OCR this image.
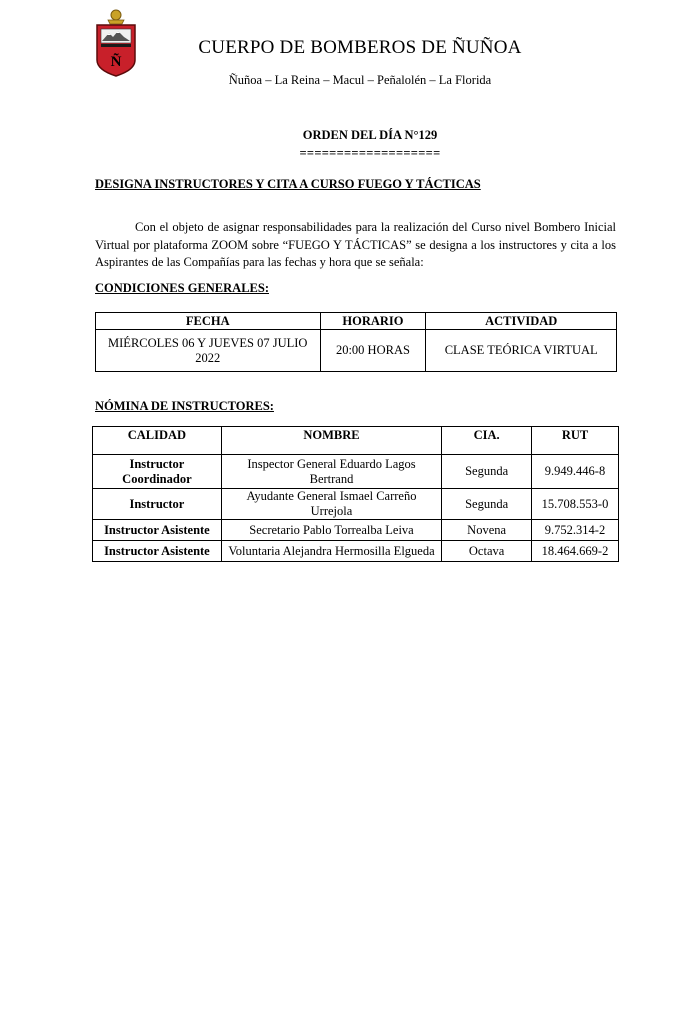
Ñ
CUERPO DE BOMBEROS DE ÑUÑOA
Ñuñoa – La Reina – Macul – Peñalolén – La Florida
ORDEN DEL DÍA N°129
===================
DESIGNA INSTRUCTORES Y CITA A CURSO FUEGO Y TÁCTICAS

Con el objeto de asignar responsabilidades para la realización del Curso nivel Bombero Inicial Virtual por plataforma ZOOM sobre “FUEGO Y TÁCTICAS” se designa a los instructores y cita a los Aspirantes de las Compañías para las fechas y hora que se señala:

CONDICIONES GENERALES:
FECHA	HORARIO	ACTIVIDAD
MIÉRCOLES 06 Y JUEVES 07 JULIO 2022	20:00 HORAS	CLASE TEÓRICA VIRTUAL
NÓMINA DE INSTRUCTORES:
CALIDAD	NOMBRE	CIA.	RUT
Instructor Coordinador	Inspector General Eduardo Lagos Bertrand	Segunda	9.949.446-8
Instructor	Ayudante General Ismael Carreño Urrejola	Segunda	15.708.553-0
Instructor Asistente	Secretario Pablo Torrealba Leiva	Novena	9.752.314-2
Instructor Asistente	Voluntaria Alejandra Hermosilla Elgueda	Octava	18.464.669-2
